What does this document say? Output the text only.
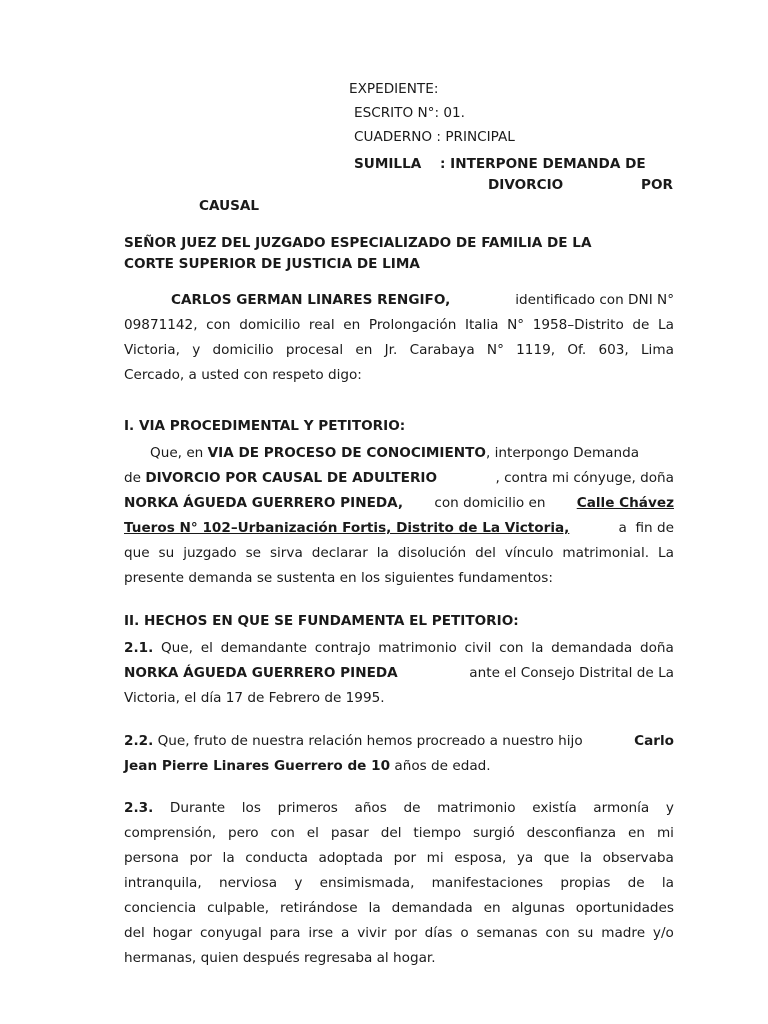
EXPEDIENTE:
ESCRITO N°: 01.
CUADERNO : PRINCIPAL
SUMILLA : INTERPONE DEMANDA DE
DIVORCIO	POR
CAUSAL
SEÑOR JUEZ DEL JUZGADO ESPECIALIZADO DE FAMILIA DE LA
CORTE SUPERIOR DE JUSTICIA DE LIMA
CARLOS GERMAN LINARES RENGIFO,	identificado con DNI N°
09871142, con domicilio real en Prolongación Italia N° 1958–Distrito de La
Victoria, y domicilio procesal en Jr. Carabaya N° 1119, Of. 603, Lima
Cercado, a usted con respeto digo:
I. VIA PROCEDIMENTAL Y PETITORIO:
Que, en VIA DE PROCESO DE CONOCIMIENTO, interpongo Demanda
de DIVORCIO POR CAUSAL DE ADULTERIO	, contra mi cónyuge, doña
NORKA ÁGUEDA GUERRERO PINEDA, con domicilio en Calle Chávez
Tueros N° 102–Urbanización Fortis, Distrito de La Victoria,	a  fin de
que su juzgado se sirva declarar la disolución del vínculo matrimonial. La
presente demanda se sustenta en los siguientes fundamentos:
II. HECHOS EN QUE SE FUNDAMENTA EL PETITORIO:
2.1. Que, el demandante contrajo matrimonio civil con la demandada doña
NORKA ÁGUEDA GUERRERO PINEDA	ante el Consejo Distrital de La
Victoria, el día 17 de Febrero de 1995.
2.2. Que, fruto de nuestra relación hemos procreado a nuestro hijo	Carlo
Jean Pierre Linares Guerrero de 10 años de edad.
2.3. Durante los primeros años de matrimonio existía armonía y
comprensión, pero con el pasar del tiempo surgió desconfianza en mi
persona por la conducta adoptada por mi esposa, ya que la observaba
intranquila, nerviosa y ensimismada, manifestaciones propias de la
conciencia culpable, retirándose la demandada en algunas oportunidades
del hogar conyugal para irse a vivir por días o semanas con su madre y/o
hermanas, quien después regresaba al hogar.
